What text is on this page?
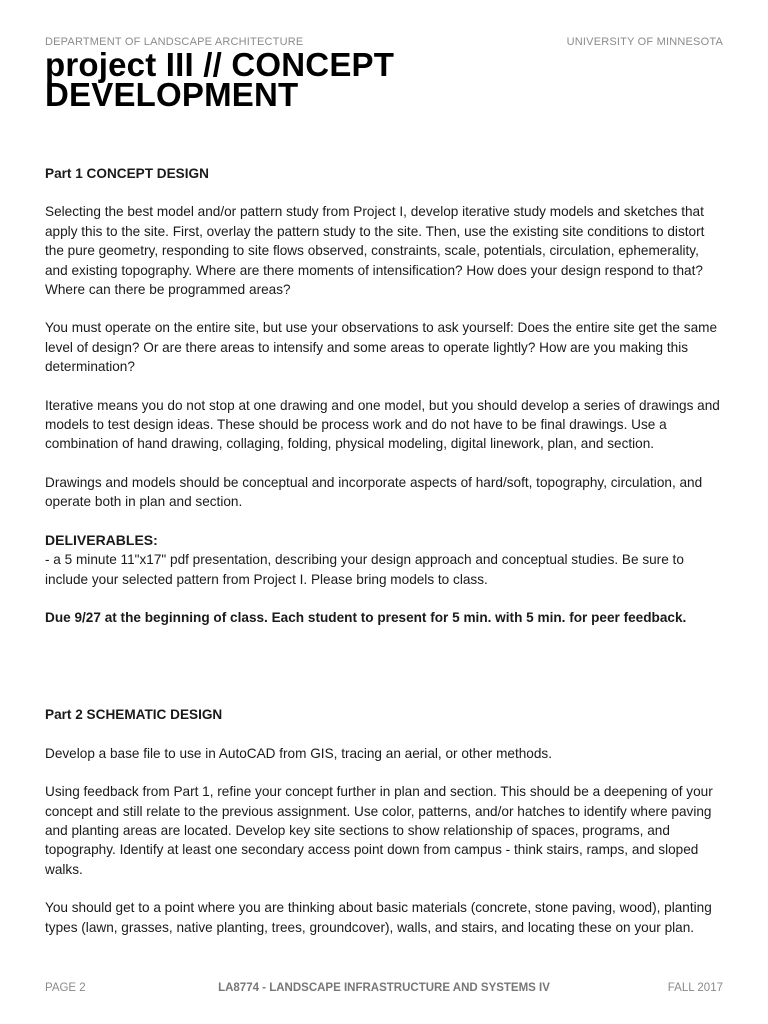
DEPARTMENT OF LANDSCAPE ARCHITECTURE	UNIVERSITY OF MINNESOTA
project III // CONCEPT
DEVELOPMENT

Part 1 CONCEPT DESIGN

Selecting the best model and/or pattern study from Project I, develop iterative study models and sketches that apply this to the site. First, overlay the pattern study to the site. Then, use the existing site conditions to distort the pure geometry, responding to site flows observed, constraints, scale, potentials, circulation, ephemerality, and existing topography. Where are there moments of intensification? How does your design respond to that? Where can there be programmed areas?

You must operate on the entire site, but use your observations to ask yourself: Does the entire site get the same level of design? Or are there areas to intensify and some areas to operate lightly? How are you making this determination?

Iterative means you do not stop at one drawing and one model, but you should develop a series of drawings and models to test design ideas. These should be process work and do not have to be final drawings. Use a combination of hand drawing, collaging, folding, physical modeling, digital linework, plan, and section.

Drawings and models should be conceptual and incorporate aspects of hard/soft, topography, circulation, and operate both in plan and section.

DELIVERABLES:

- a 5 minute 11"x17" pdf presentation, describing your design approach and conceptual studies. Be sure to include your selected pattern from Project I. Please bring models to class.

Due 9/27 at the beginning of class. Each student to present for 5 min. with 5 min. for peer feedback.

Part 2 SCHEMATIC DESIGN

Develop a base file to use in AutoCAD from GIS, tracing an aerial, or other methods.

Using feedback from Part 1, refine your concept further in plan and section. This should be a deepening of your concept and still relate to the previous assignment. Use color, patterns, and/or hatches to identify where paving and planting areas are located. Develop key site sections to show relationship of spaces, programs, and topography. Identify at least one secondary access point down from campus - think stairs, ramps, and sloped walks.

You should get to a point where you are thinking about basic materials (concrete, stone paving, wood), planting types (lawn, grasses, native planting, trees, groundcover), walls, and stairs, and locating these on your plan.

PAGE 2	LA8774 - LANDSCAPE INFRASTRUCTURE AND SYSTEMS IV	FALL 2017
